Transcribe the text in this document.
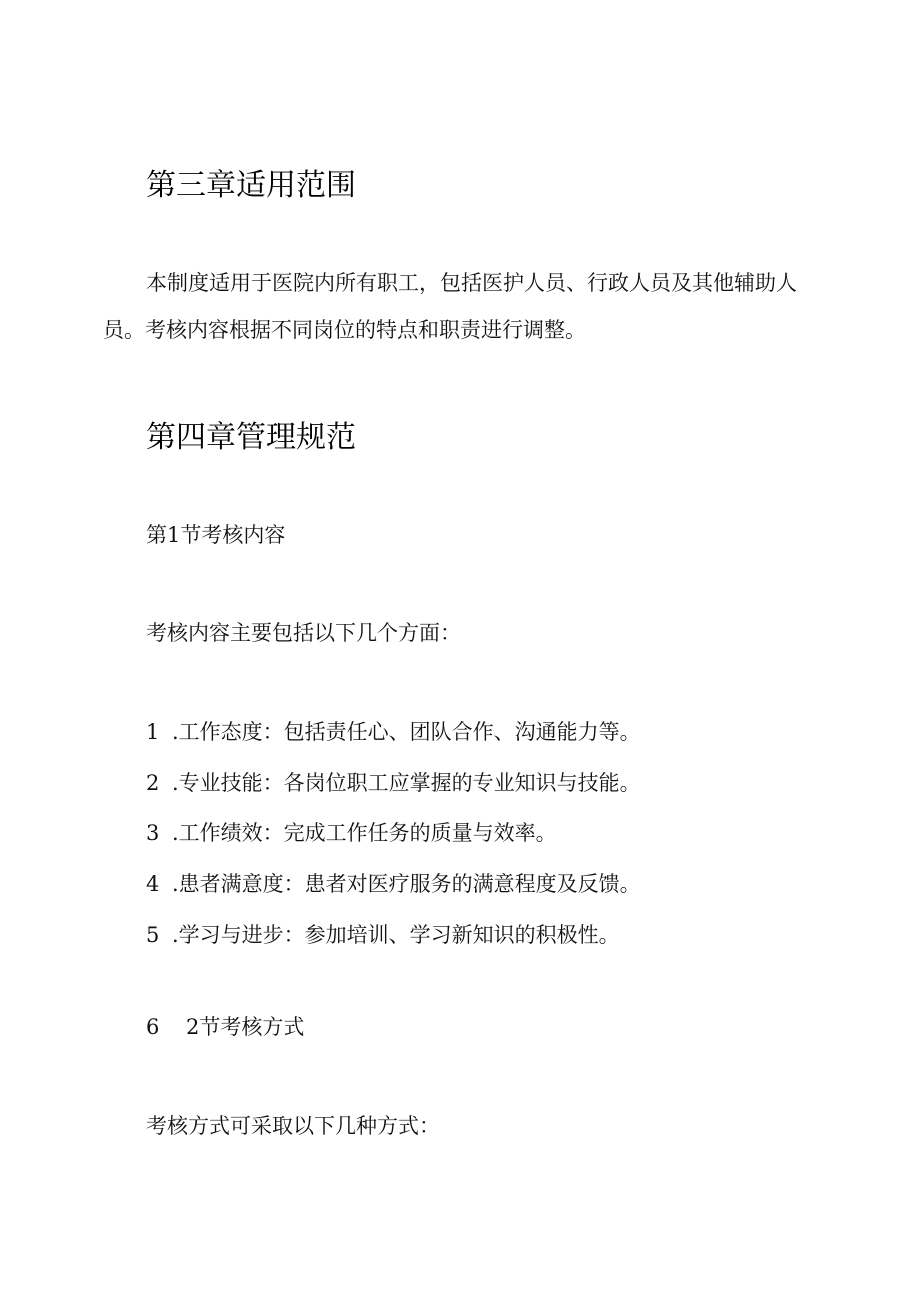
第三章适用范围

本制度适用于医院内所有职工，包括医护人员、行政人员及其他辅助人员。考核内容根据不同岗位的特点和职责进行调整。

第四章管理规范

第1节考核内容

考核内容主要包括以下几个方面：

1 .工作态度：包括责任心、团队合作、沟通能力等。

2 .专业技能：各岗位职工应掌握的专业知识与技能。

3 .工作绩效：完成工作任务的质量与效率。

4 .患者满意度：患者对医疗服务的满意程度及反馈。

5 .学习与进步：参加培训、学习新知识的积极性。

6 2节考核方式

考核方式可采取以下几种方式：
